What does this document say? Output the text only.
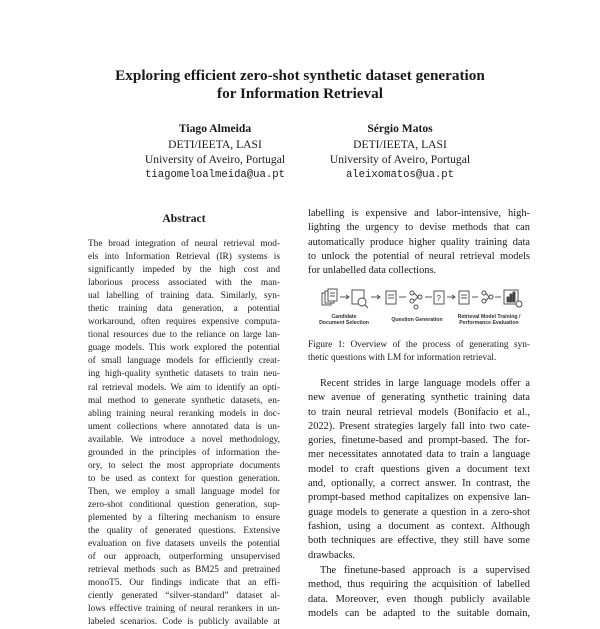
Exploring efficient zero-shot synthetic dataset generation
for Information Retrieval
Tiago Almeida
DETI/IEETA, LASI
University of Aveiro, Portugal
tiagomeloalmeida@ua.pt
Sérgio Matos
DETI/IEETA, LASI
University of Aveiro, Portugal
aleixomatos@ua.pt
Abstract
The broad integration of neural retrieval mod-
els into Information Retrieval (IR) systems is
significantly impeded by the high cost and
laborious process associated with the man-
ual labelling of training data. Similarly, syn-
thetic training data generation, a potential
workaround, often requires expensive computa-
tional resources due to the reliance on large lan-
guage models. This work explored the potential
of small language models for efficiently creat-
ing high-quality synthetic datasets to train neu-
ral retrieval models. We aim to identify an opti-
mal method to generate synthetic datasets, en-
abling training neural reranking models in doc-
ument collections where annotated data is un-
available. We introduce a novel methodology,
grounded in the principles of information the-
ory, to select the most appropriate documents
to be used as context for question generation.
Then, we employ a small language model for
zero-shot conditional question generation, sup-
plemented by a filtering mechanism to ensure
the quality of generated questions. Extensive
evaluation on five datasets unveils the potential
of our approach, outperforming unsupervised
retrieval methods such as BM25 and pretrained
monoT5. Our findings indicate that an effi-
ciently generated “silver-standard” dataset al-
lows effective training of neural rerankers in un-
labeled scenarios. Code is publicly available at
labelling is expensive and labor-intensive, high-
lighting the urgency to devise methods that can
automatically produce higher quality training data
to unlock the potential of neural retrieval models
for unlabelled data collections.
?
Candidate
Document Selection	Question Generation	Retrieval Model Training /
Performance Evaluation
Figure 1: Overview of the process of generating syn-
thetic questions with LM for information retrieval.
Recent strides in large language models offer a
new avenue of generating synthetic training data
to train neural retrieval models (Bonifacio et al.,
2022). Present strategies largely fall into two cate-
gories, finetune-based and prompt-based. The for-
mer necessitates annotated data to train a language
model to craft questions given a document text
and, optionally, a correct answer. In contrast, the
prompt-based method capitalizes on expensive lan-
guage models to generate a question in a zero-shot
fashion, using a document as context. Although
both techniques are effective, they still have some
drawbacks.
The finetune-based approach is a supervised
method, thus requiring the acquisition of labelled
data. Moreover, even though publicly available
models can be adapted to the suitable domain,
